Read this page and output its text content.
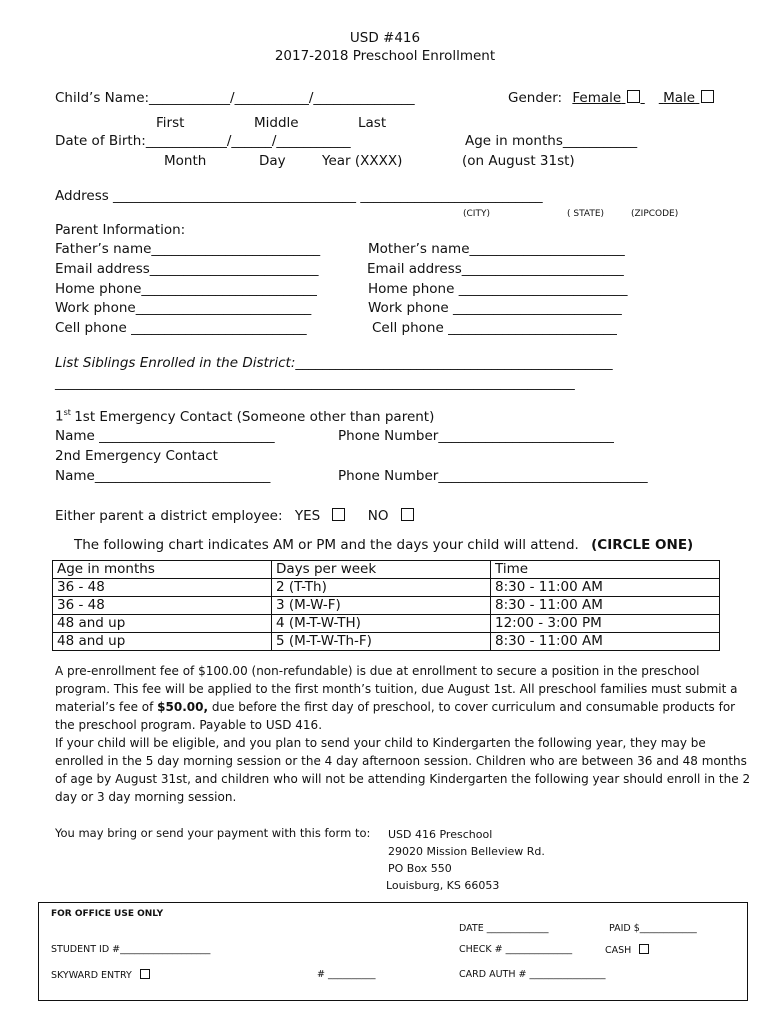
USD #416
2017-2018 Preschool Enrollment
Child’s Name:____________/___________/_______________	Gender: Female	Male
First	Middle	Last
Date of Birth:____________/______/___________	Age in months___________
Month	Day	Year (XXXX)	(on August 31st)
Address ____________________________________ ___________________________
(CITY)	( STATE)	(ZIPCODE)
Parent Information:
Father’s name_________________________	Mother’s name_______________________
Email address_________________________	Email address________________________
Home phone__________________________	Home phone _________________________
Work phone__________________________	Work phone _________________________
Cell phone __________________________	Cell phone _________________________
List Siblings Enrolled in the District:_______________________________________________
_____________________________________________________________________________
1st 1st Emergency Contact (Someone other than parent)
Name __________________________	Phone Number__________________________
2nd Emergency Contact
Name__________________________	Phone Number_______________________________
Either parent a district employee: YES	NO
The following chart indicates AM or PM and the days your child will attend. (CIRCLE ONE)
Age in months	Days per week	Time
36 - 48	2 (T-Th)	8:30 - 11:00 AM
36 - 48	3 (M-W-F)	8:30 - 11:00 AM
48 and up	4 (M-T-W-TH)	12:00 - 3:00 PM
48 and up	5 (M-T-W-Th-F)	8:30 - 11:00 AM
A pre-enrollment fee of $100.00 (non-refundable) is due at enrollment to secure a position in the preschool
program. This fee will be applied to the first month’s tuition, due August 1st. All preschool families must submit a
material’s fee of $50.00, due before the first day of preschool, to cover curriculum and consumable products for
the preschool program. Payable to USD 416.
If your child will be eligible, and you plan to send your child to Kindergarten the following year, they may be
enrolled in the 5 day morning session or the 4 day afternoon session. Children who are between 36 and 48 months
of age by August 31st, and children who will not be attending Kindergarten the following year should enroll in the 2
day or 3 day morning session.
You may bring or send your payment with this form to: USD 416 Preschool
29020 Mission Belleview Rd.
PO Box 550
Louisburg, KS 66053
FOR OFFICE USE ONLY
DATE _____________	PAID $____________
STUDENT ID #___________________	CHECK # ______________	CASH
SKYWARD ENTRY	# __________	CARD AUTH # ________________
